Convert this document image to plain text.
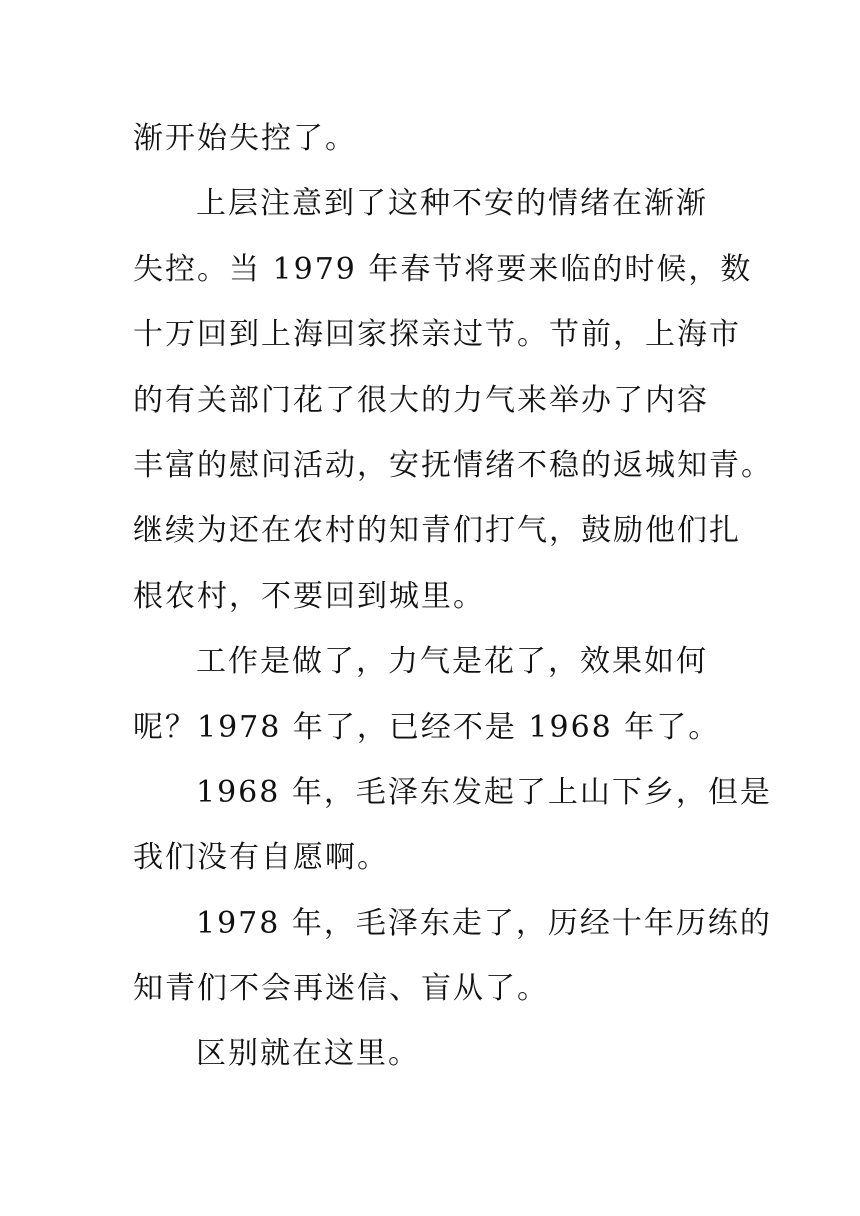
渐开始失控了。
上层注意到了这种不安的情绪在渐渐
失控。当 1979 年春节将要来临的时候，数
十万回到上海回家探亲过节。节前，上海市
的有关部门花了很大的力气来举办了内容
丰富的慰问活动，安抚情绪不稳的返城知青。
继续为还在农村的知青们打气，鼓励他们扎
根农村，不要回到城里。
工作是做了，力气是花了，效果如何
呢？1978 年了，已经不是 1968 年了。
1968 年，毛泽东发起了上山下乡，但是
我们没有自愿啊。
1978 年，毛泽东走了，历经十年历练的
知青们不会再迷信、盲从了。
区别就在这里。
